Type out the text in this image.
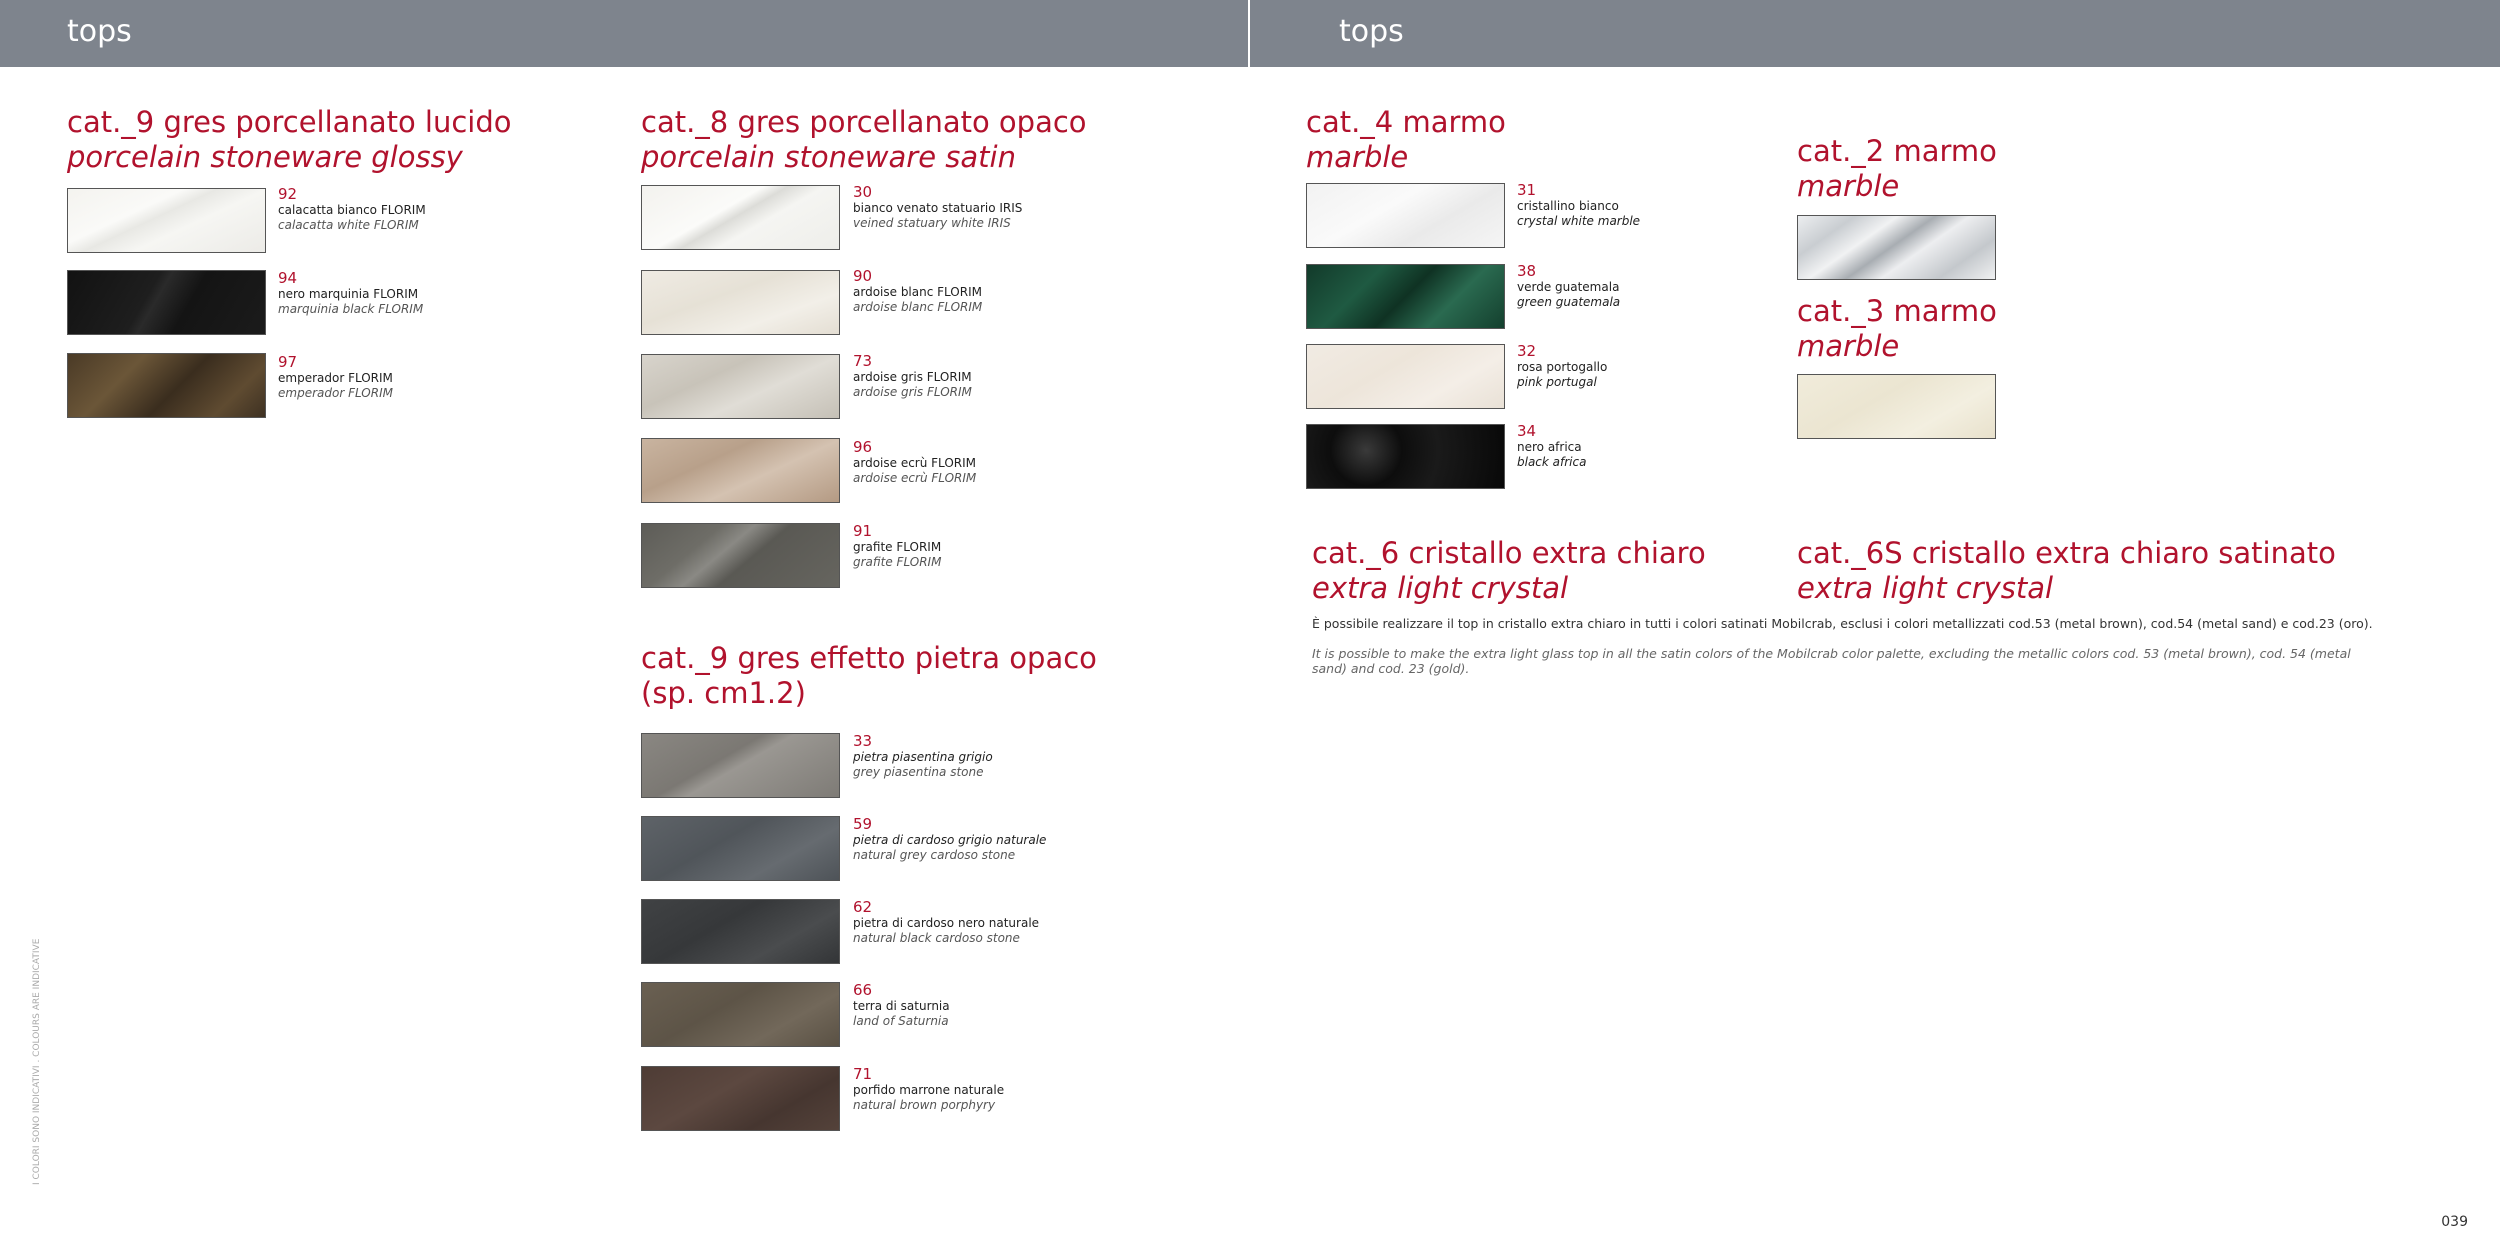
tops	tops
cat._9 gres porcellanato lucido
porcelain stoneware glossy
92
calacatta bianco FLORIM
calacatta white FLORIM
94
nero marquinia FLORIM
marquinia black FLORIM
97
emperador FLORIM
emperador FLORIM
cat._8 gres porcellanato opaco
porcelain stoneware satin
30
bianco venato statuario IRIS
veined statuary white IRIS
90
ardoise blanc FLORIM
ardoise blanc FLORIM
73
ardoise gris FLORIM
ardoise gris FLORIM
96
ardoise ecrù FLORIM
ardoise ecrù FLORIM
91
grafite FLORIM
grafite FLORIM
cat._9 gres effetto pietra opaco
(sp. cm1.2)
33
pietra piasentina grigio
grey piasentina stone
59
pietra di cardoso grigio naturale
natural grey cardoso stone
62
pietra di cardoso nero naturale
natural black cardoso stone
66
terra di saturnia
land of Saturnia
71
porfido marrone naturale
natural brown porphyry
cat._4 marmo
marble
31
cristallino bianco
crystal white marble
38
verde guatemala
green guatemala
32
rosa portogallo
pink portugal
34
nero africa
black africa
cat._2 marmo
marble
cat._3 marmo
marble
cat._6 cristallo extra chiaro
extra light crystal
cat._6S cristallo extra chiaro satinato
extra light crystal
È possibile realizzare il top in cristallo extra chiaro in tutti i colori satinati Mobilcrab, esclusi i colori metallizzati cod.53 (metal brown), cod.54 (metal sand) e cod.23 (oro).
It is possible to make the extra light glass top in all the satin colors of the Mobilcrab color palette, excluding the metallic colors cod. 53 (metal brown), cod. 54 (metal sand) and cod. 23 (gold).
I COLORI SONO INDICATIVI . COLOURS ARE INDICATIVE
039
